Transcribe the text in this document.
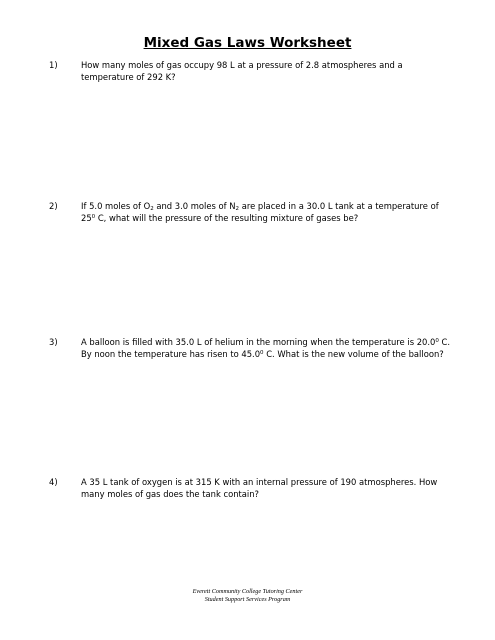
Mixed Gas Laws Worksheet
1)	How many moles of gas occupy 98 L at a pressure of 2.8 atmospheres and a temperature of 292 K?
2)	If 5.0 moles of $O_2$ and 3.0 moles of $N_2$ are placed in a 30.0 L tank at a temperature of $25^0$ C, what will the pressure of the resulting mixture of gases be?
3)	A balloon is filled with 35.0 L of helium in the morning when the temperature is 20.0$^0$ C. By noon the temperature has risen to 45.0$^0$ C. What is the new volume of the balloon?
4)	A 35 L tank of oxygen is at 315 K with an internal pressure of 190 atmospheres. How many moles of gas does the tank contain?
Everett Community College Tutoring Center
Student Support Services Program
